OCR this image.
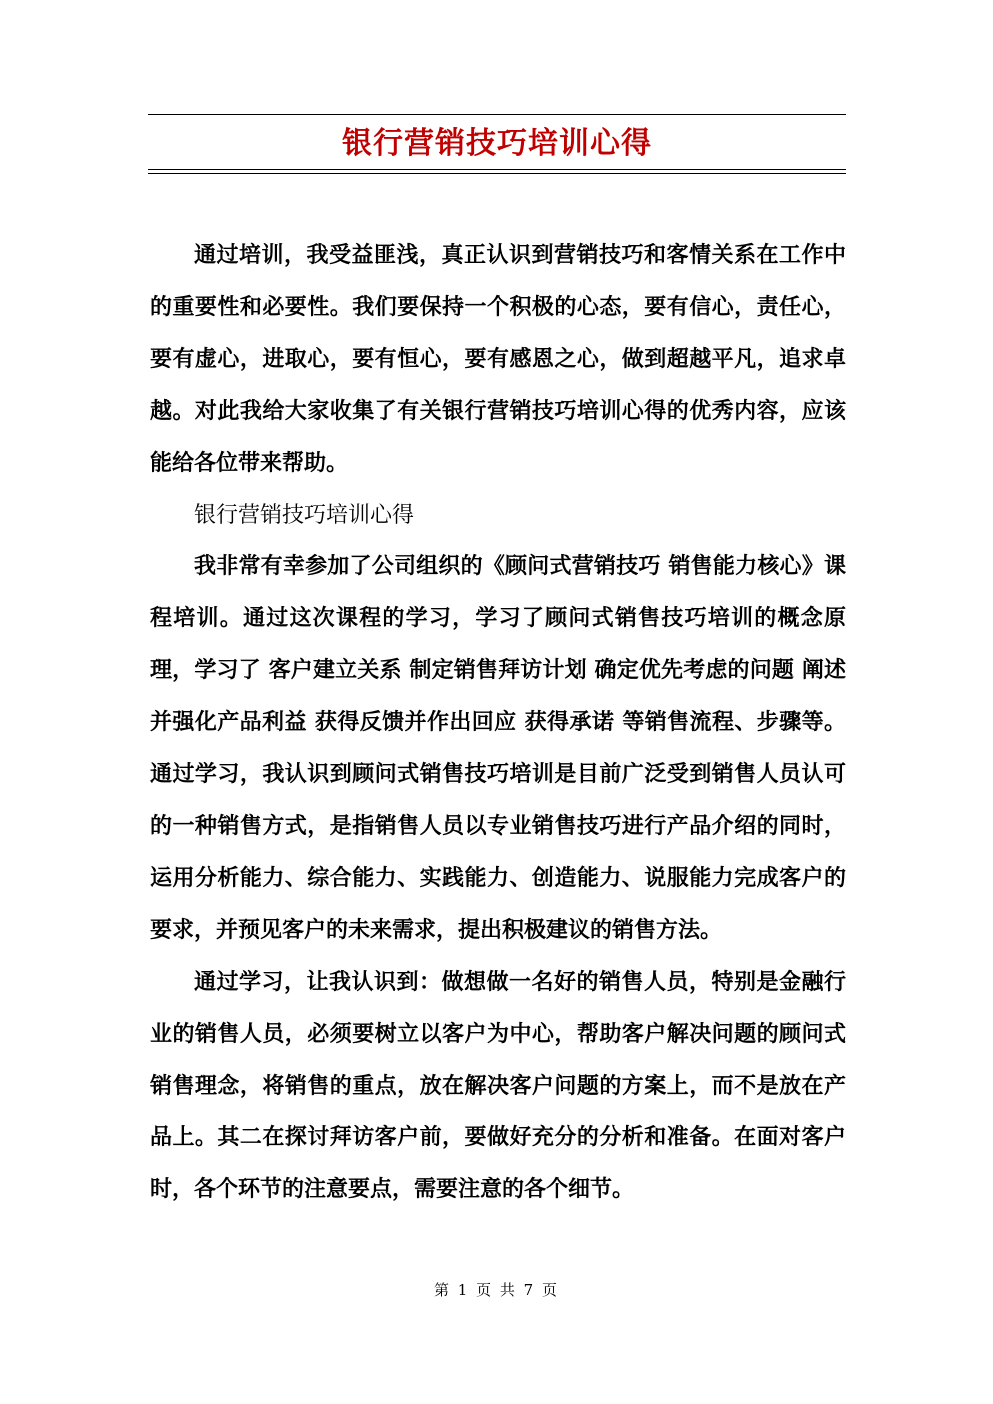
银行营销技巧培训心得

通过培训，我受益匪浅，真正认识到营销技巧和客情关系在工作中的重要性和必要性。我们要保持一个积极的心态，要有信心，责任心，要有虚心，进取心，要有恒心，要有感恩之心，做到超越平凡，追求卓越。对此我给大家收集了有关银行营销技巧培训心得的优秀内容，应该能给各位带来帮助。

银行营销技巧培训心得

我非常有幸参加了公司组织的《顾问式营销技巧 销售能力核心》课程培训。通过这次课程的学习，学习了顾问式销售技巧培训的概念原理，学习了 客户建立关系 制定销售拜访计划 确定优先考虑的问题 阐述并强化产品利益 获得反馈并作出回应 获得承诺 等销售流程、步骤等。 通过学习，我认识到顾问式销售技巧培训是目前广泛受到销售人员认可的一种销售方式，是指销售人员以专业销售技巧进行产品介绍的同时，运用分析能力、综合能力、实践能力、创造能力、说服能力完成客户的要求，并预见客户的未来需求，提出积极建议的销售方法。

通过学习，让我认识到：做想做一名好的销售人员，特别是金融行业的销售人员，必须要树立以客户为中心，帮助客户解决问题的顾问式销售理念，将销售的重点，放在解决客户问题的方案上，而不是放在产品上。其二在探讨拜访客户前，要做好充分的分析和准备。在面对客户时，各个环节的注意要点，需要注意的各个细节。

第 1 页 共 7 页
